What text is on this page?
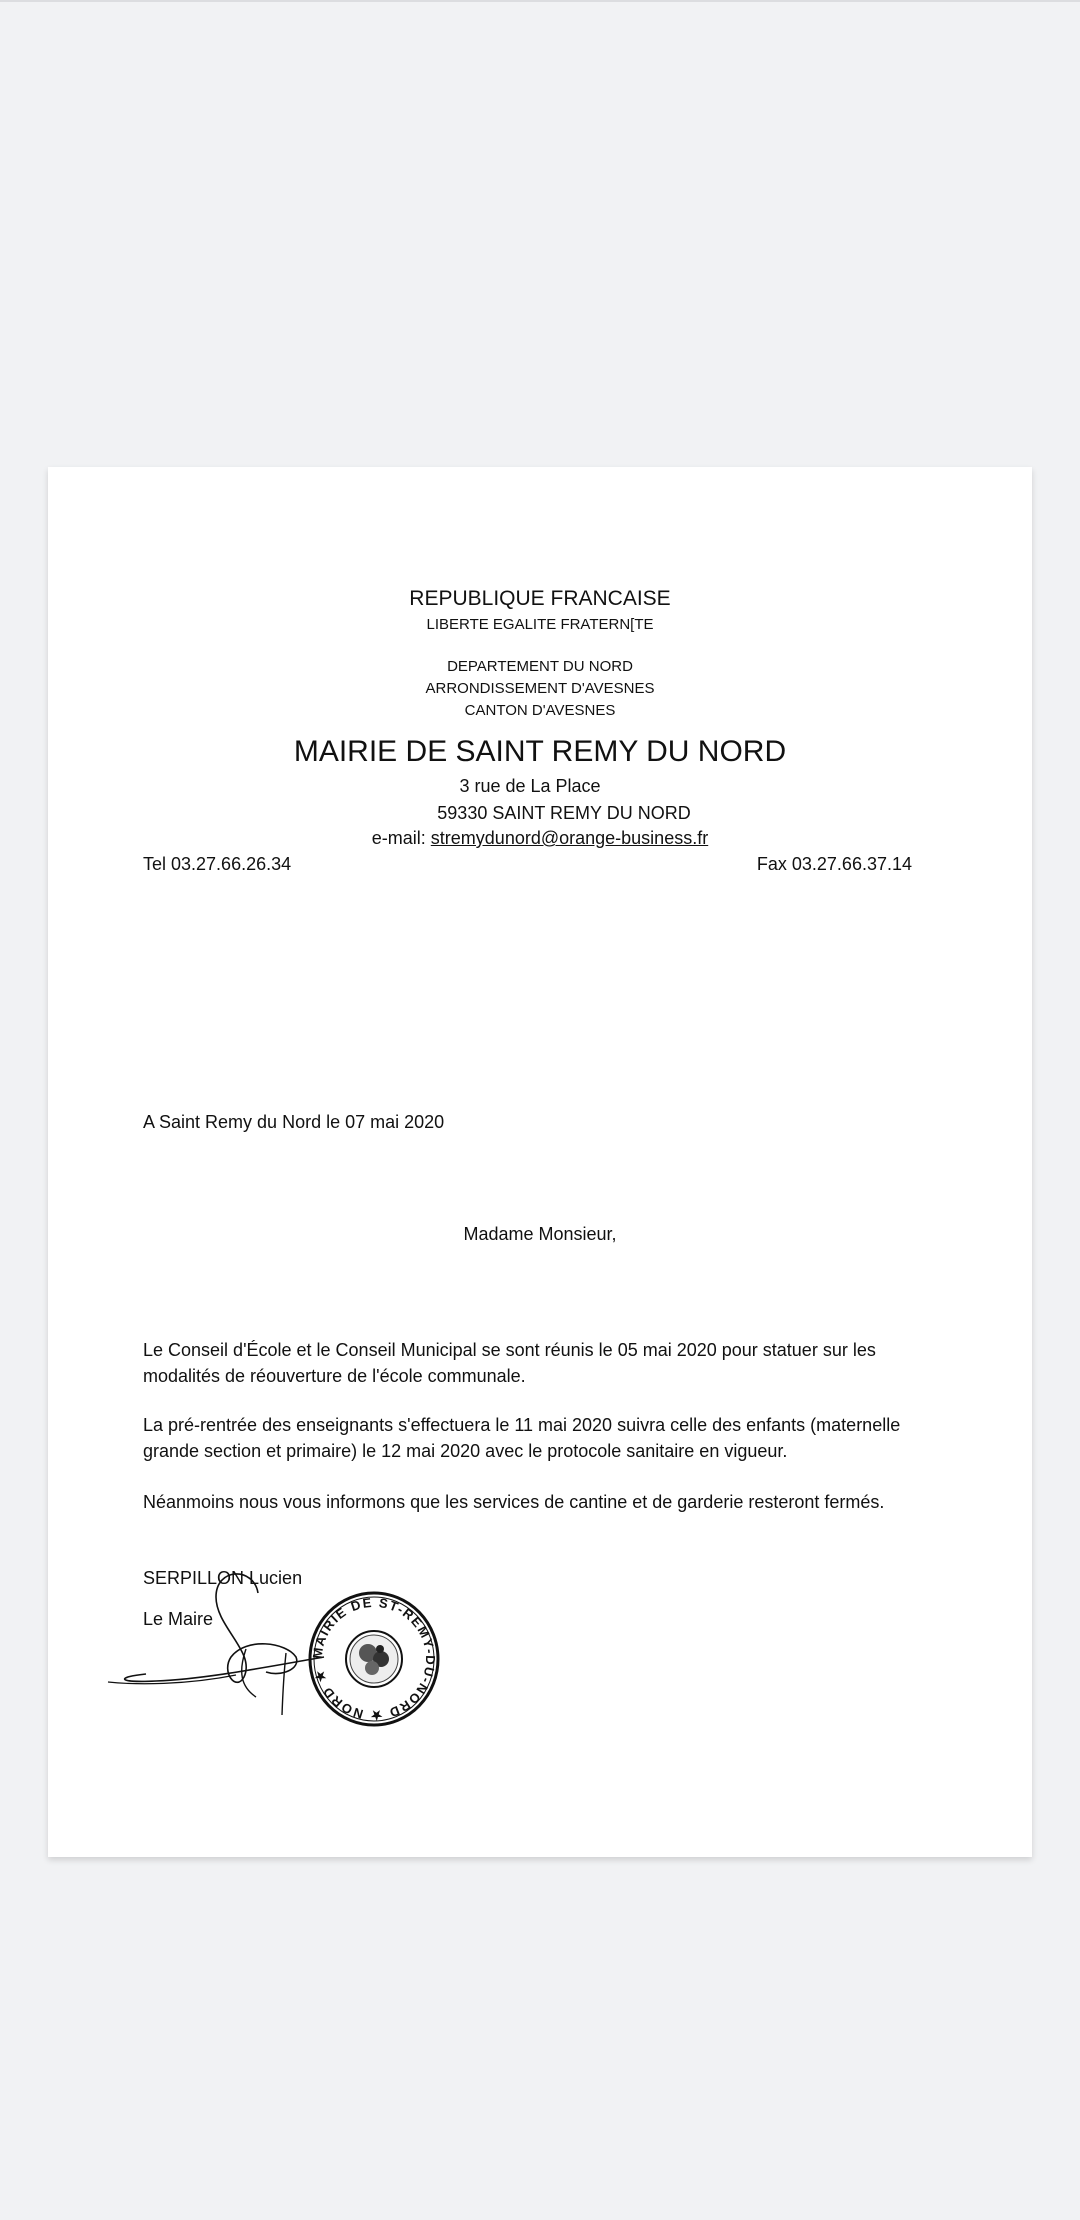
REPUBLIQUE FRANCAISE
LIBERTE EGALITE FRATERN[TE
DEPARTEMENT DU NORD
ARRONDISSEMENT D'AVESNES
CANTON D'AVESNES
MAIRIE DE SAINT REMY DU NORD
3 rue de La Place
59330 SAINT REMY DU NORD
e-mail: stremydunord@orange-business.fr
Tel 03.27.66.26.34	Fax 03.27.66.37.14
A Saint Remy du Nord le 07 mai 2020
Madame Monsieur,
Le Conseil d'École et le Conseil Municipal se sont réunis le 05 mai 2020 pour statuer sur les modalités de réouverture de l'école communale.
La pré-rentrée des enseignants s'effectuera le 11 mai 2020 suivra celle des enfants (maternelle grande section et primaire) le 12 mai 2020 avec le protocole sanitaire en vigueur.
Néanmoins nous vous informons que les services de cantine et de garderie resteront fermés.
SERPILLON Lucien
Le Maire
MAIRIE DE ST-REMY-DU-NORD ★ NORD ★
